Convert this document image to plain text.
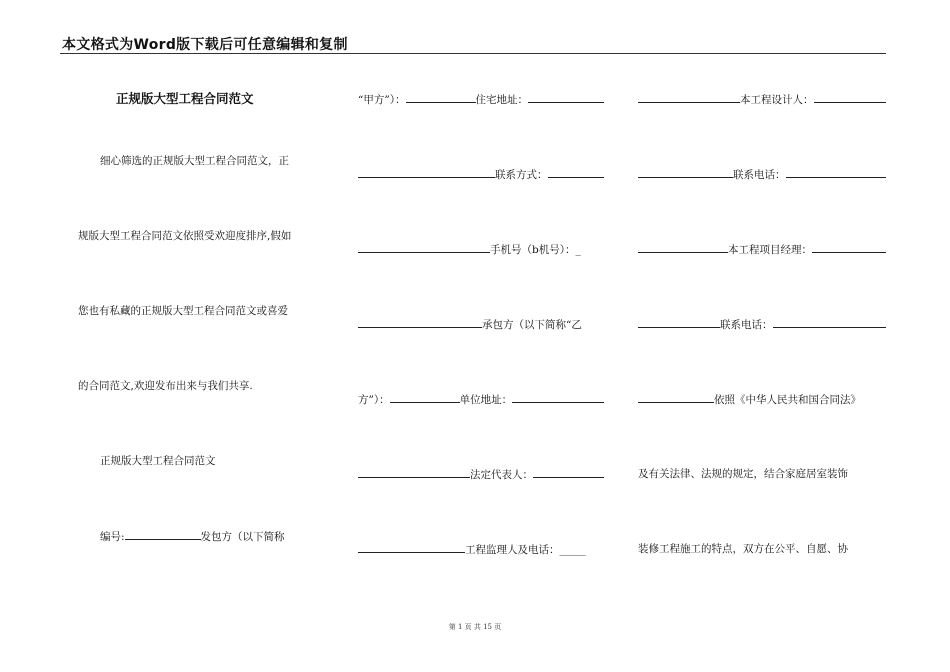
本文格式为Word版下载后可任意编辑和复制
正规版大型工程合同范文
细心筛选的正规版大型工程合同范文，正
规版大型工程合同范文依照受欢迎度排序,假如
您也有私藏的正规版大型工程合同范文或喜爱
的合同范文,欢迎发布出来与我们共享.
正规版大型工程合同范文
编号:	发包方（以下简称
“甲方”）：	住宅地址：
联系方式：
手机号（b机号）：_
承包方（以下简称“乙
方”）：	单位地址：
法定代表人：
工程监理人及电话：_____
本工程设计人：
联系电话：
本工程项目经理：
联系电话：
依照《中华人民共和国合同法》
及有关法律、法规的规定，结合家庭居室装饰
装修工程施工的特点，双方在公平、自愿、协
第 1 页 共 15 页
